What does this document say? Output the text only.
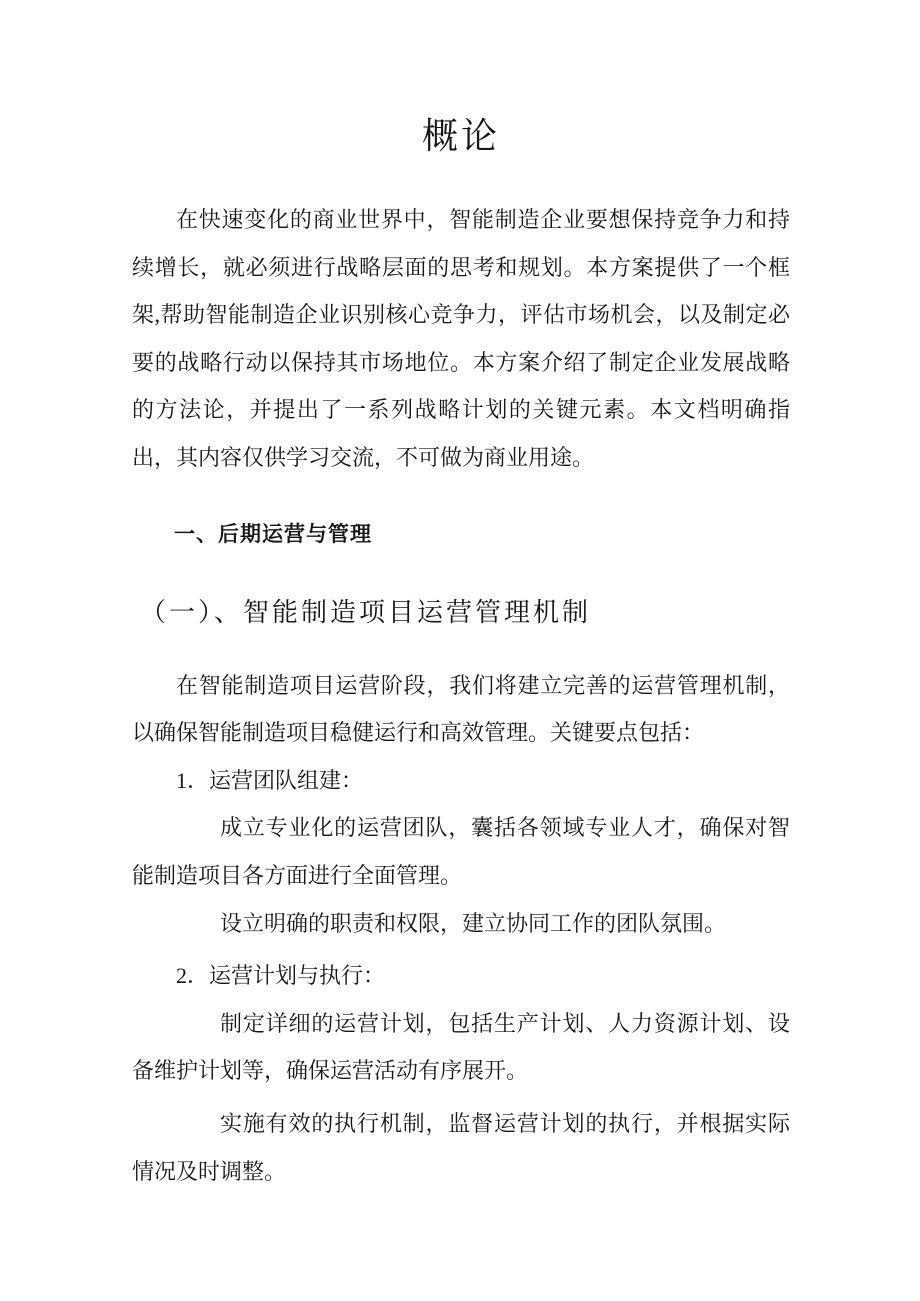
概论

在快速变化的商业世界中，智能制造企业要想保持竞争力和持续增长，就必须进行战略层面的思考和规划。本方案提供了一个框架,帮助智能制造企业识别核心竞争力，评估市场机会，以及制定必要的战略行动以保持其市场地位。本方案介绍了制定企业发展战略的方法论，并提出了一系列战略计划的关键元素。本文档明确指出，其内容仅供学习交流，不可做为商业用途。

一、后期运营与管理
（一）、智能制造项目运营管理机制

在智能制造项目运营阶段，我们将建立完善的运营管理机制，以确保智能制造项目稳健运行和高效管理。关键要点包括：

1．运营团队组建：

成立专业化的运营团队，囊括各领域专业人才，确保对智能制造项目各方面进行全面管理。

设立明确的职责和权限，建立协同工作的团队氛围。

2．运营计划与执行：

制定详细的运营计划，包括生产计划、人力资源计划、设备维护计划等，确保运营活动有序展开。

实施有效的执行机制，监督运营计划的执行，并根据实际情况及时调整。
